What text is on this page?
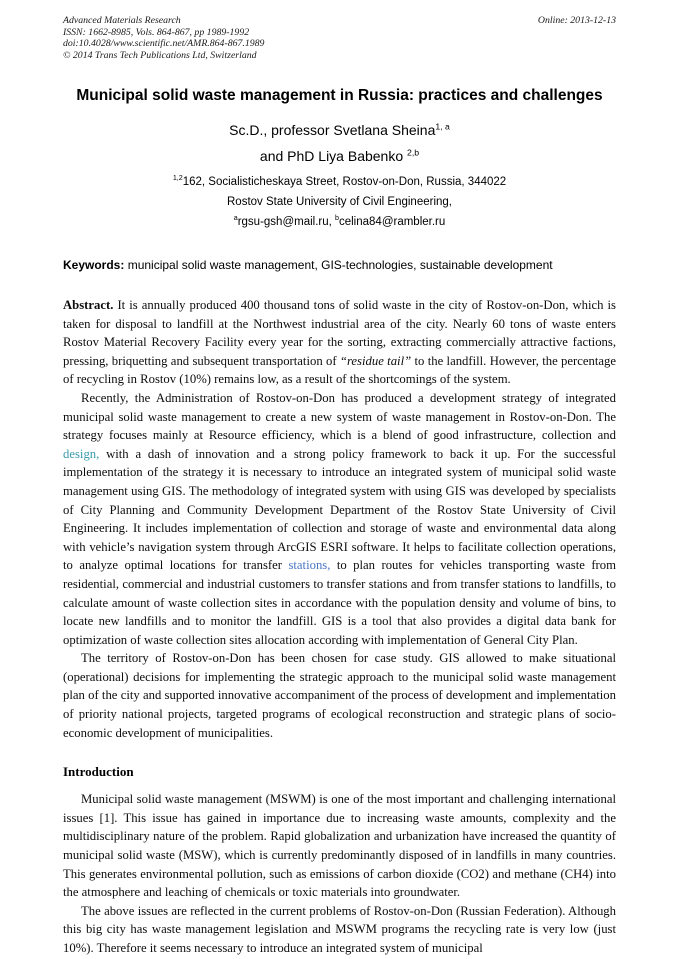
Advanced Materials Research
ISSN: 1662-8985, Vols. 864-867, pp 1989-1992
doi:10.4028/www.scientific.net/AMR.864-867.1989
© 2014 Trans Tech Publications Ltd, Switzerland
Online: 2013-12-13
Municipal solid waste management in Russia: practices and challenges
Sc.D., professor Svetlana Sheina$^{1, a}$
and PhD Liya Babenko $^{2,b}$
$^{1,2}$162, Socialisticheskaya Street, Rostov-on-Don, Russia, 344022
Rostov State University of Civil Engineering,
$^a$rgsu-gsh@mail.ru, $^b$celina84@rambler.ru
Keywords: municipal solid waste management, GIS-technologies, sustainable development

Abstract. It is annually produced 400 thousand tons of solid waste in the city of Rostov-on-Don, which is taken for disposal to landfill at the Northwest industrial area of the city. Nearly 60 tons of waste enters Rostov Material Recovery Facility every year for the sorting, extracting commercially attractive factions, pressing, briquetting and subsequent transportation of “residue tail” to the landfill. However, the percentage of recycling in Rostov (10%) remains low, as a result of the shortcomings of the system.

Recently, the Administration of Rostov-on-Don has produced a development strategy of integrated municipal solid waste management to create a new system of waste management in Rostov-on-Don. The strategy focuses mainly at Resource efficiency, which is a blend of good infrastructure, collection and design, with a dash of innovation and a strong policy framework to back it up. For the successful implementation of the strategy it is necessary to introduce an integrated system of municipal solid waste management using GIS. The methodology of integrated system with using GIS was developed by specialists of City Planning and Community Development Department of the Rostov State University of Civil Engineering. It includes implementation of collection and storage of waste and environmental data along with vehicle’s navigation system through ArcGIS ESRI software. It helps to facilitate collection operations, to analyze optimal locations for transfer stations, to plan routes for vehicles transporting waste from residential, commercial and industrial customers to transfer stations and from transfer stations to landfills, to calculate amount of waste collection sites in accordance with the population density and volume of bins, to locate new landfills and to monitor the landfill. GIS is a tool that also provides a digital data bank for optimization of waste collection sites allocation according with implementation of General City Plan.

The territory of Rostov-on-Don has been chosen for case study. GIS allowed to make situational (operational) decisions for implementing the strategic approach to the municipal solid waste management plan of the city and supported innovative accompaniment of the process of development and implementation of priority national projects, targeted programs of ecological reconstruction and strategic plans of socio-economic development of municipalities.

Introduction

Municipal solid waste management (MSWM) is one of the most important and challenging international issues [1]. This issue has gained in importance due to increasing waste amounts, complexity and the multidisciplinary nature of the problem. Rapid globalization and urbanization have increased the quantity of municipal solid waste (MSW), which is currently predominantly disposed of in landfills in many countries. This generates environmental pollution, such as emissions of carbon dioxide (CO2) and methane (CH4) into the atmosphere and leaching of chemicals or toxic materials into groundwater.

The above issues are reflected in the current problems of Rostov-on-Don (Russian Federation). Although this big city has waste management legislation and MSWM programs the recycling rate is very low (just 10%). Therefore it seems necessary to introduce an integrated system of municipal
